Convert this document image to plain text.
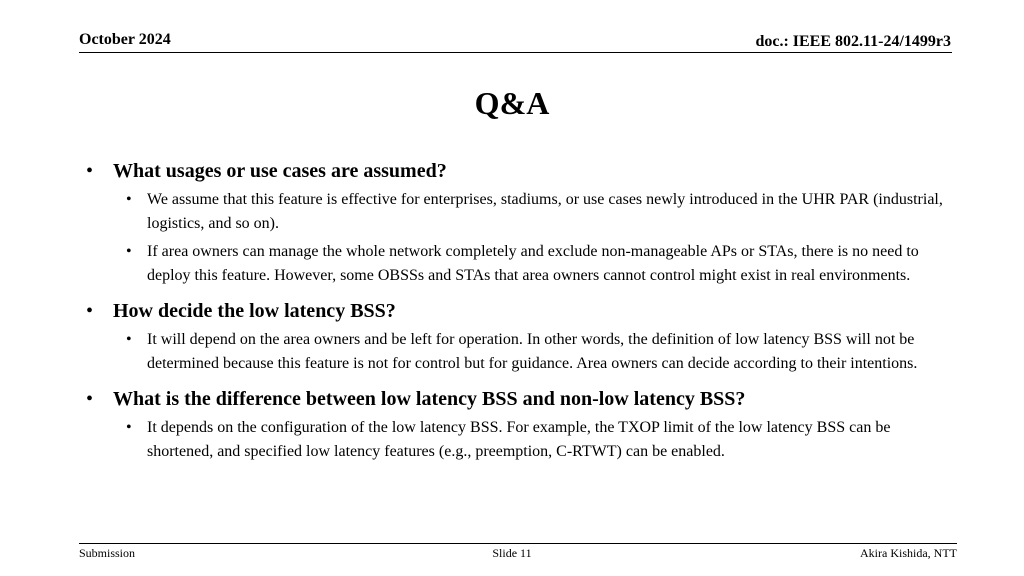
October 2024	doc.: IEEE 802.11-24/1499r3
Q&A
• What usages or use cases are assumed?
• We assume that this feature is effective for enterprises, stadiums, or use cases newly introduced in the UHR PAR (industrial, logistics, and so on).
• If area owners can manage the whole network completely and exclude non-manageable APs or STAs, there is no need to deploy this feature. However, some OBSSs and STAs that area owners cannot control might exist in real environments.
• How decide the low latency BSS?
• It will depend on the area owners and be left for operation. In other words, the definition of low latency BSS will not be determined because this feature is not for control but for guidance. Area owners can decide according to their intentions.
• What is the difference between low latency BSS and non-low latency BSS?
• It depends on the configuration of the low latency BSS. For example, the TXOP limit of the low latency BSS can be shortened, and specified low latency features (e.g., preemption, C-RTWT) can be enabled.
Submission	Slide 11	Akira Kishida, NTT
